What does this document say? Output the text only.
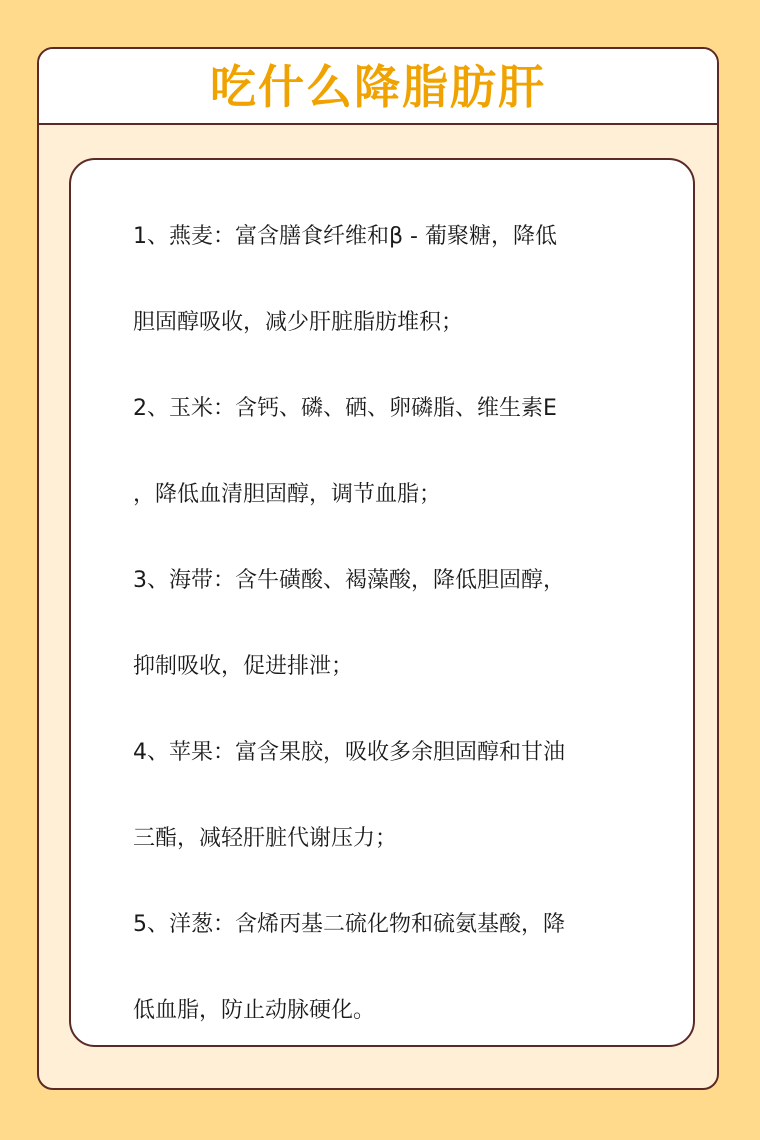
吃什么降脂肪肝
1、燕麦：富含膳食纤维和β - 葡聚糖，降低
胆固醇吸收，减少肝脏脂肪堆积；
2、玉米：含钙、磷、硒、卵磷脂、维生素E
，降低血清胆固醇，调节血脂；
3、海带：含牛磺酸、褐藻酸，降低胆固醇，
抑制吸收，促进排泄；
4、苹果：富含果胶，吸收多余胆固醇和甘油
三酯，减轻肝脏代谢压力；
5、洋葱：含烯丙基二硫化物和硫氨基酸，降
低血脂，防止动脉硬化。
